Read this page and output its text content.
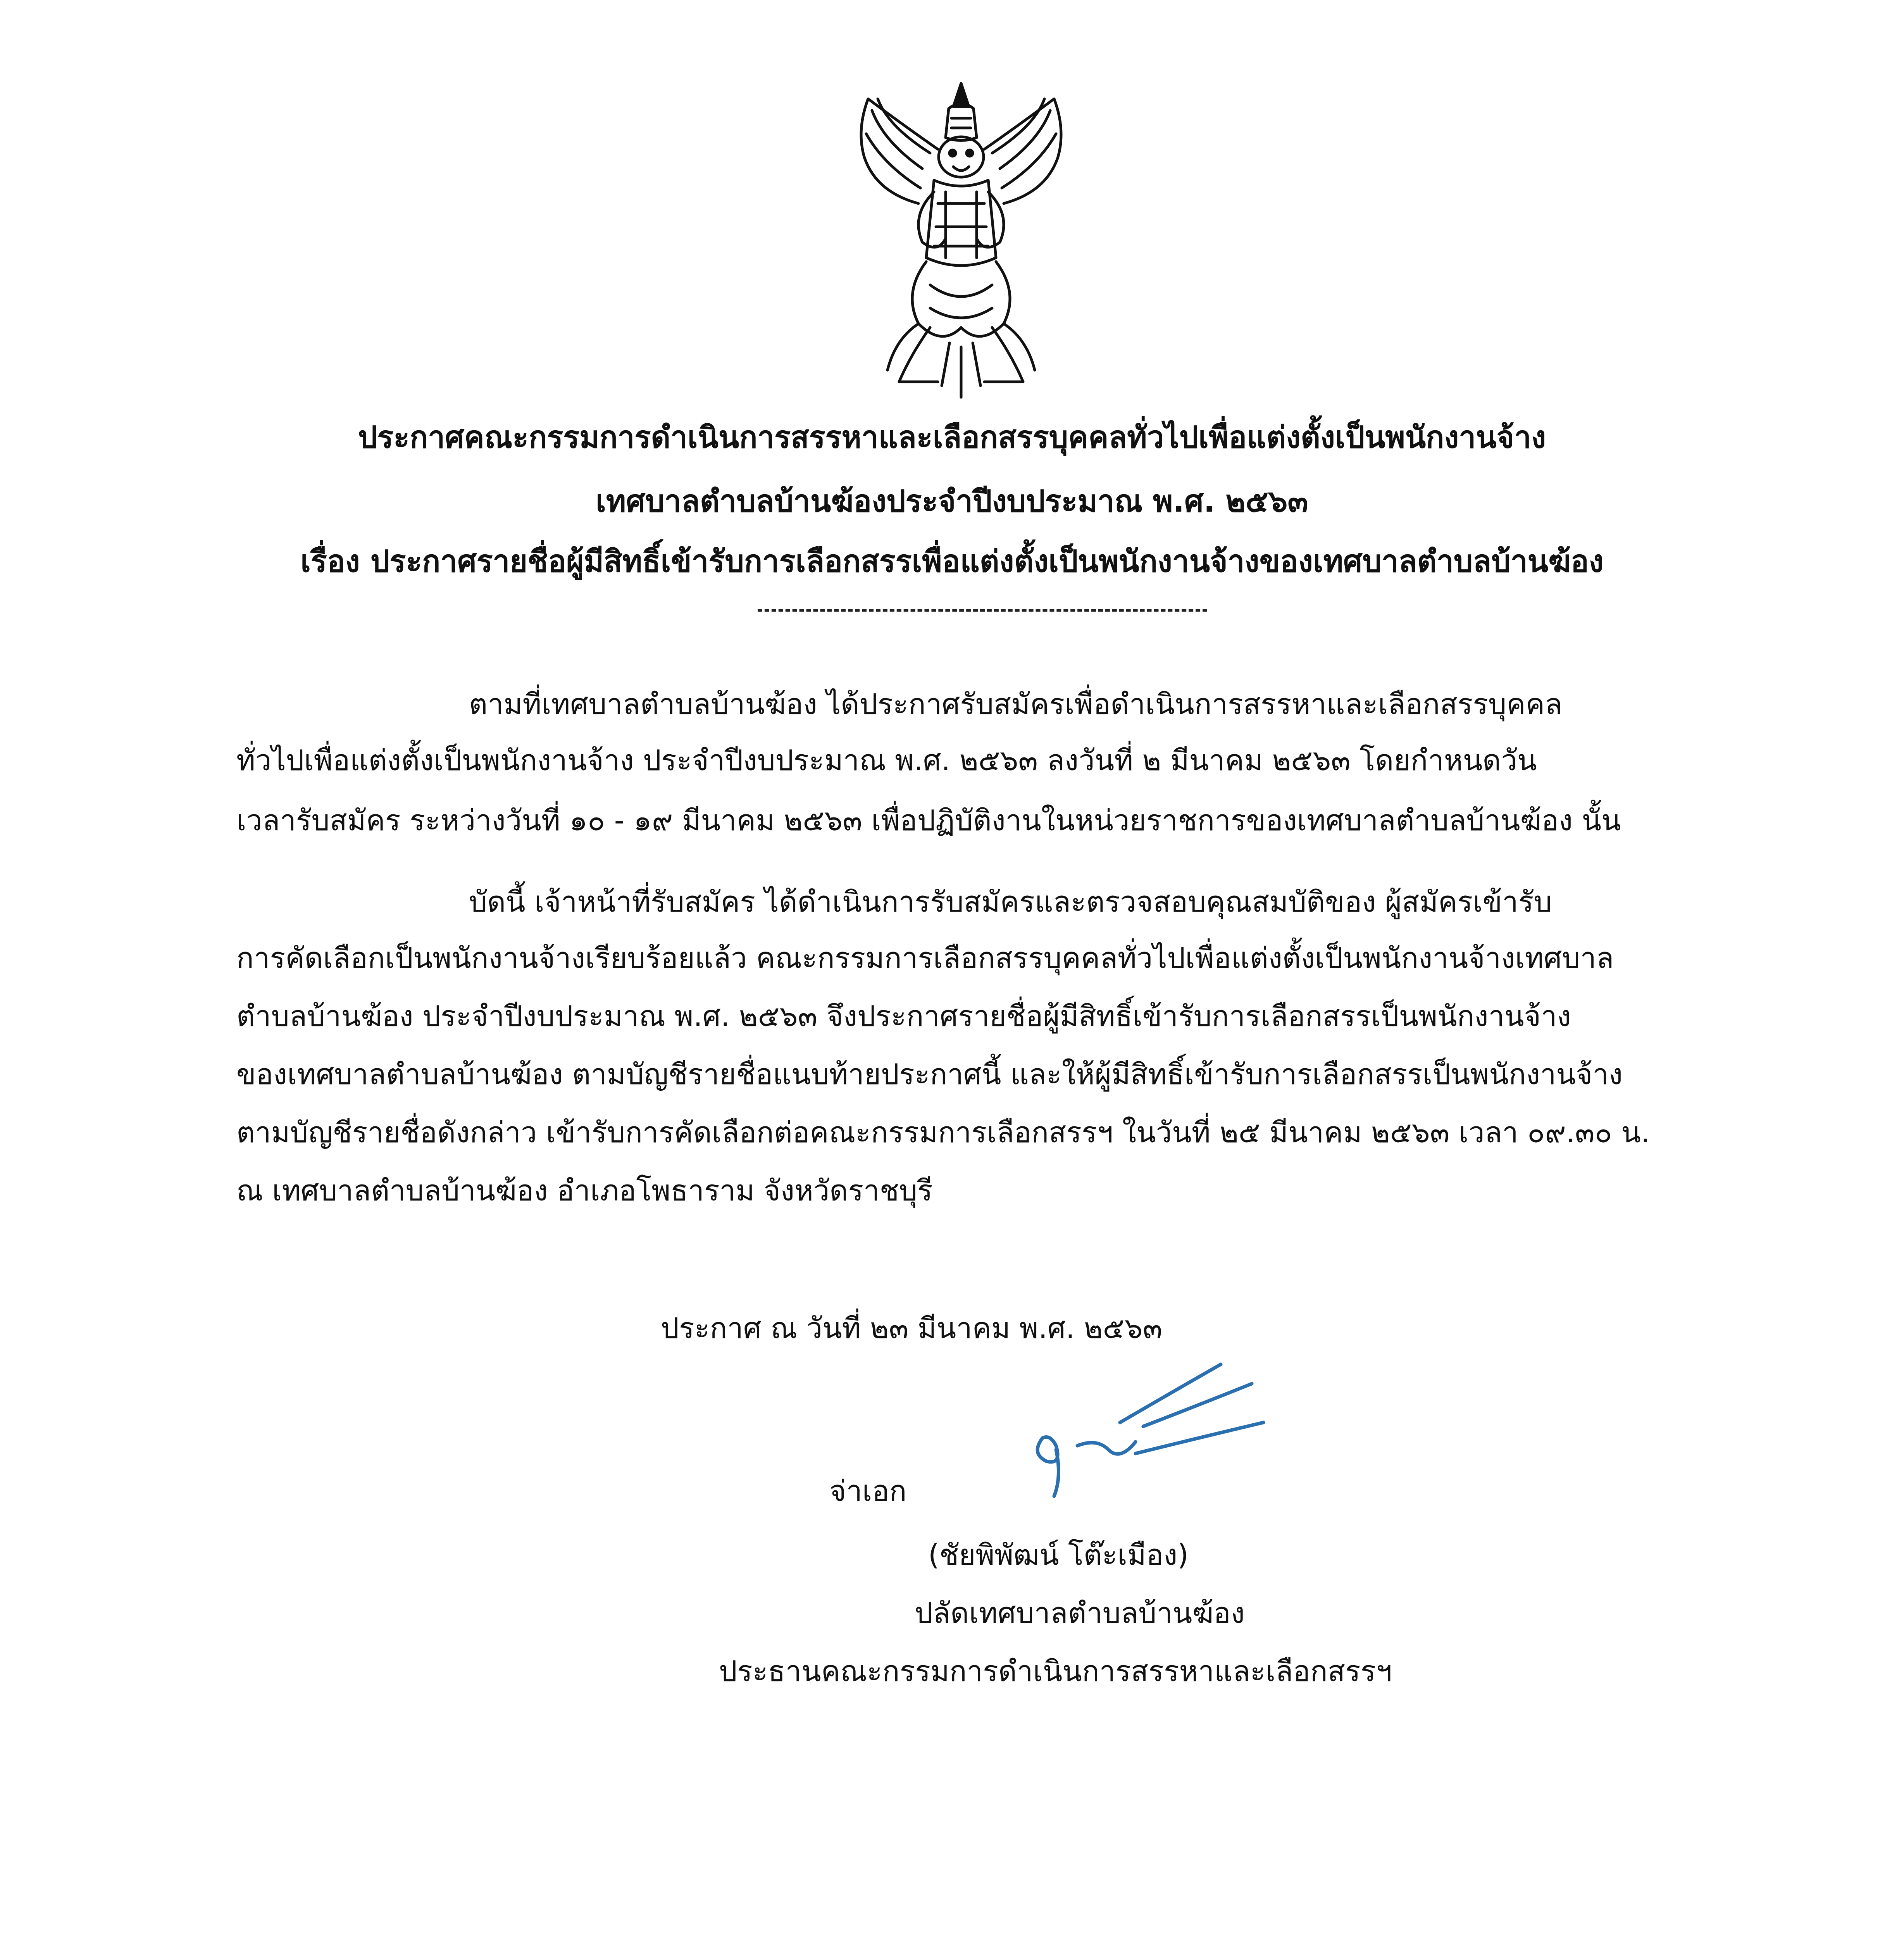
ประกาศคณะกรรมการดำเนินการสรรหาและเลือกสรรบุคคลทั่วไปเพื่อแต่งตั้งเป็นพนักงานจ้าง
เทศบาลตำบลบ้านฆ้องประจำปีงบประมาณ พ.ศ. ๒๕๖๓
เรื่อง ประกาศรายชื่อผู้มีสิทธิ์เข้ารับการเลือกสรรเพื่อแต่งตั้งเป็นพนักงานจ้างของเทศบาลตำบลบ้านฆ้อง
ตามที่เทศบาลตำบลบ้านฆ้อง ได้ประกาศรับสมัครเพื่อดำเนินการสรรหาและเลือกสรรบุคคล
ทั่วไปเพื่อแต่งตั้งเป็นพนักงานจ้าง ประจำปีงบประมาณ พ.ศ. ๒๕๖๓ ลงวันที่ ๒ มีนาคม ๒๕๖๓ โดยกำหนดวัน
เวลารับสมัคร ระหว่างวันที่ ๑๐ - ๑๙ มีนาคม ๒๕๖๓ เพื่อปฏิบัติงานในหน่วยราชการของเทศบาลตำบลบ้านฆ้อง นั้น
บัดนี้ เจ้าหน้าที่รับสมัคร ได้ดำเนินการรับสมัครและตรวจสอบคุณสมบัติของ ผู้สมัครเข้ารับ
การคัดเลือกเป็นพนักงานจ้างเรียบร้อยแล้ว คณะกรรมการเลือกสรรบุคคลทั่วไปเพื่อแต่งตั้งเป็นพนักงานจ้างเทศบาล
ตำบลบ้านฆ้อง ประจำปีงบประมาณ พ.ศ. ๒๕๖๓ จึงประกาศรายชื่อผู้มีสิทธิ์เข้ารับการเลือกสรรเป็นพนักงานจ้าง
ของเทศบาลตำบลบ้านฆ้อง ตามบัญชีรายชื่อแนบท้ายประกาศนี้ และให้ผู้มีสิทธิ์เข้ารับการเลือกสรรเป็นพนักงานจ้าง
ตามบัญชีรายชื่อดังกล่าว เข้ารับการคัดเลือกต่อคณะกรรมการเลือกสรรฯ ในวันที่ ๒๕ มีนาคม ๒๕๖๓ เวลา ๐๙.๓๐ น.
ณ เทศบาลตำบลบ้านฆ้อง อำเภอโพธาราม จังหวัดราชบุรี
ประกาศ ณ วันที่ ๒๓ มีนาคม พ.ศ. ๒๕๖๓
จ่าเอก
(ชัยพิพัฒน์ โต๊ะเมือง)
ปลัดเทศบาลตำบลบ้านฆ้อง
ประธานคณะกรรมการดำเนินการสรรหาและเลือกสรรฯ
